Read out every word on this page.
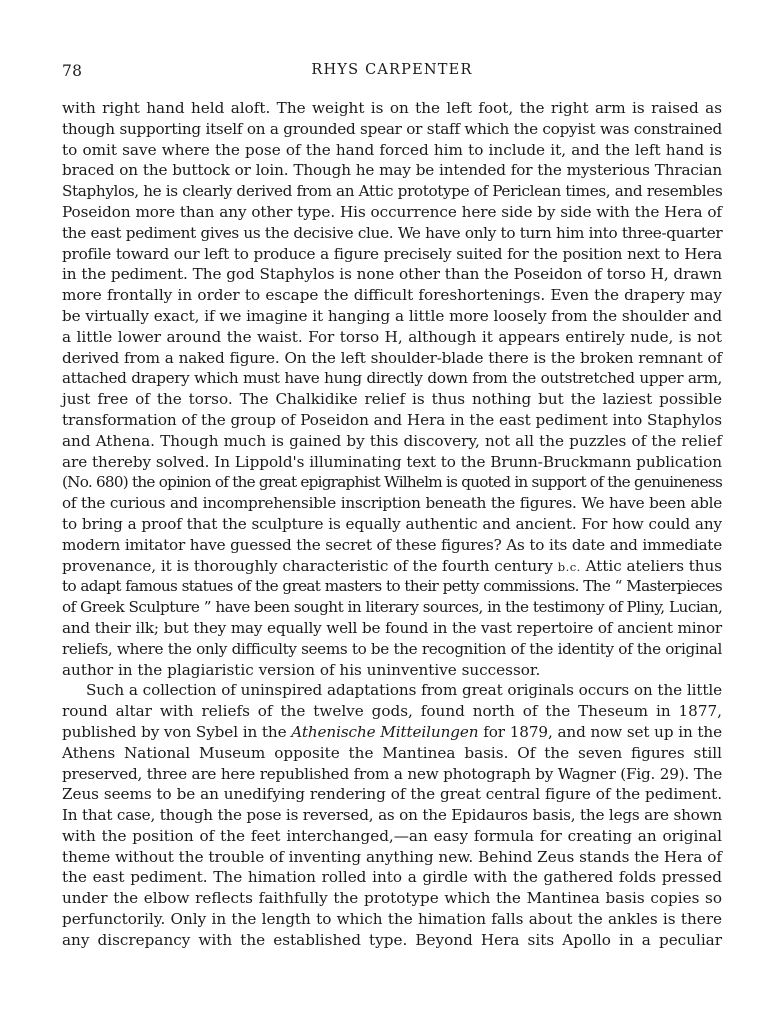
78	RHYS CARPENTER
with right hand held aloft. The weight is on the left foot, the right arm is raised as
though supporting itself on a grounded spear or staff which the copyist was constrained
to omit save where the pose of the hand forced him to include it, and the left hand is
braced on the buttock or loin. Though he may be intended for the mysterious Thracian
Staphylos, he is clearly derived from an Attic prototype of Periclean times, and resembles
Poseidon more than any other type. His occurrence here side by side with the Hera of
the east pediment gives us the decisive clue. We have only to turn him into three-quarter
profile toward our left to produce a figure precisely suited for the position next to Hera
in the pediment. The god Staphylos is none other than the Poseidon of torso H, drawn
more frontally in order to escape the difficult foreshortenings. Even the drapery may
be virtually exact, if we imagine it hanging a little more loosely from the shoulder and
a little lower around the waist. For torso H, although it appears entirely nude, is not
derived from a naked figure. On the left shoulder-blade there is the broken remnant of
attached drapery which must have hung directly down from the outstretched upper arm,
just free of the torso. The Chalkidike relief is thus nothing but the laziest possible
transformation of the group of Poseidon and Hera in the east pediment into Staphylos
and Athena. Though much is gained by this discovery, not all the puzzles of the relief
are thereby solved. In Lippold's illuminating text to the Brunn-Bruckmann publication
(No. 680) the opinion of the great epigraphist Wilhelm is quoted in support of the genuineness
of the curious and incomprehensible inscription beneath the figures. We have been able
to bring a proof that the sculpture is equally authentic and ancient. For how could any
modern imitator have guessed the secret of these figures? As to its date and immediate
provenance, it is thoroughly characteristic of the fourth century b.c. Attic ateliers thus
to adapt famous statues of the great masters to their petty commissions. The “ Masterpieces
of Greek Sculpture ” have been sought in literary sources, in the testimony of Pliny, Lucian,
and their ilk; but they may equally well be found in the vast repertoire of ancient minor
reliefs, where the only difficulty seems to be the recognition of the identity of the original
author in the plagiaristic version of his uninventive successor.
Such a collection of uninspired adaptations from great originals occurs on the little
round altar with reliefs of the twelve gods, found north of the Theseum in 1877,
published by von Sybel in the Athenische Mitteilungen for 1879, and now set up in the
Athens National Museum opposite the Mantinea basis. Of the seven figures still
preserved, three are here republished from a new photograph by Wagner (Fig. 29). The
Zeus seems to be an unedifying rendering of the great central figure of the pediment.
In that case, though the pose is reversed, as on the Epidauros basis, the legs are shown
with the position of the feet interchanged,—an easy formula for creating an original
theme without the trouble of inventing anything new. Behind Zeus stands the Hera of
the east pediment. The himation rolled into a girdle with the gathered folds pressed
under the elbow reflects faithfully the prototype which the Mantinea basis copies so
perfunctorily. Only in the length to which the himation falls about the ankles is there
any discrepancy with the established type. Beyond Hera sits Apollo in a peculiar
